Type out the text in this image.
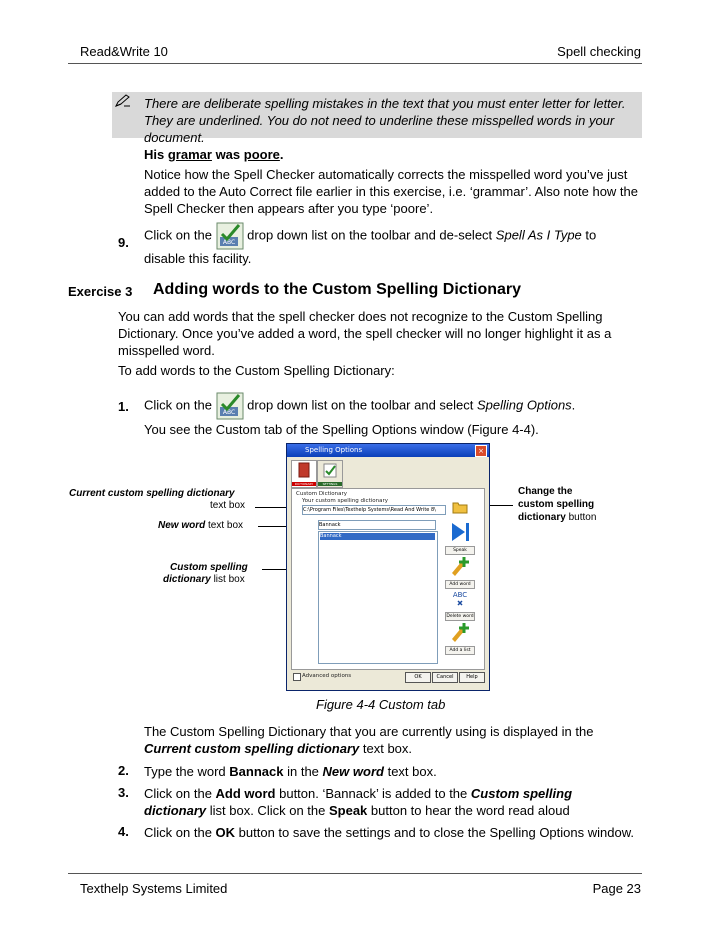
Read&Write 10	Spell checking
There are deliberate spelling mistakes in the text that you must enter letter for letter. They are underlined. You do not need to underline these misspelled words in your document.
His gramar was poore.
Notice how the Spell Checker automatically corrects the misspelled word you’ve just added to the Auto Correct file earlier in this exercise, i.e. ‘grammar’. Also note how the Spell Checker then appears after you type ‘poore’.
9.
Click on the
ABC
drop down list on the toolbar and de-select Spell As I Type to
disable this facility.
Exercise 3 Adding words to the Custom Spelling Dictionary
You can add words that the spell checker does not recognize to the Custom Spelling Dictionary. Once you’ve added a word, the spell checker will no longer highlight it as a misspelled word.
To add words to the Custom Spelling Dictionary:
1. Click on the
ABC
drop down list on the toolbar and select Spelling Options.
You see the Custom tab of the Spelling Options window (Figure 4-4).
Current custom spelling dictionary
text box
New word text box
Custom spelling
dictionary list box
Change the
custom spelling
dictionary button
Spelling Options	×
DICTIONARY	SETTINGS
Custom Dictionary
Your custom spelling dictionary
C:\Program Files\Texthelp Systems\Read And Write 8\
Bannack
Bannack
Speak
Add word
ABC
Delete word
Add a list
Advanced options	OK	Cancel	Help
Figure 4-4 Custom tab
The Custom Spelling Dictionary that you are currently using is displayed in the
Current custom spelling dictionary text box.
2. Type the word Bannack in the New word text box.
3. Click on the Add word button. ‘Bannack’ is added to the Custom spelling
dictionary list box. Click on the Speak button to hear the word read aloud
4. Click on the OK button to save the settings and to close the Spelling Options window.
Texthelp Systems Limited	Page 23
